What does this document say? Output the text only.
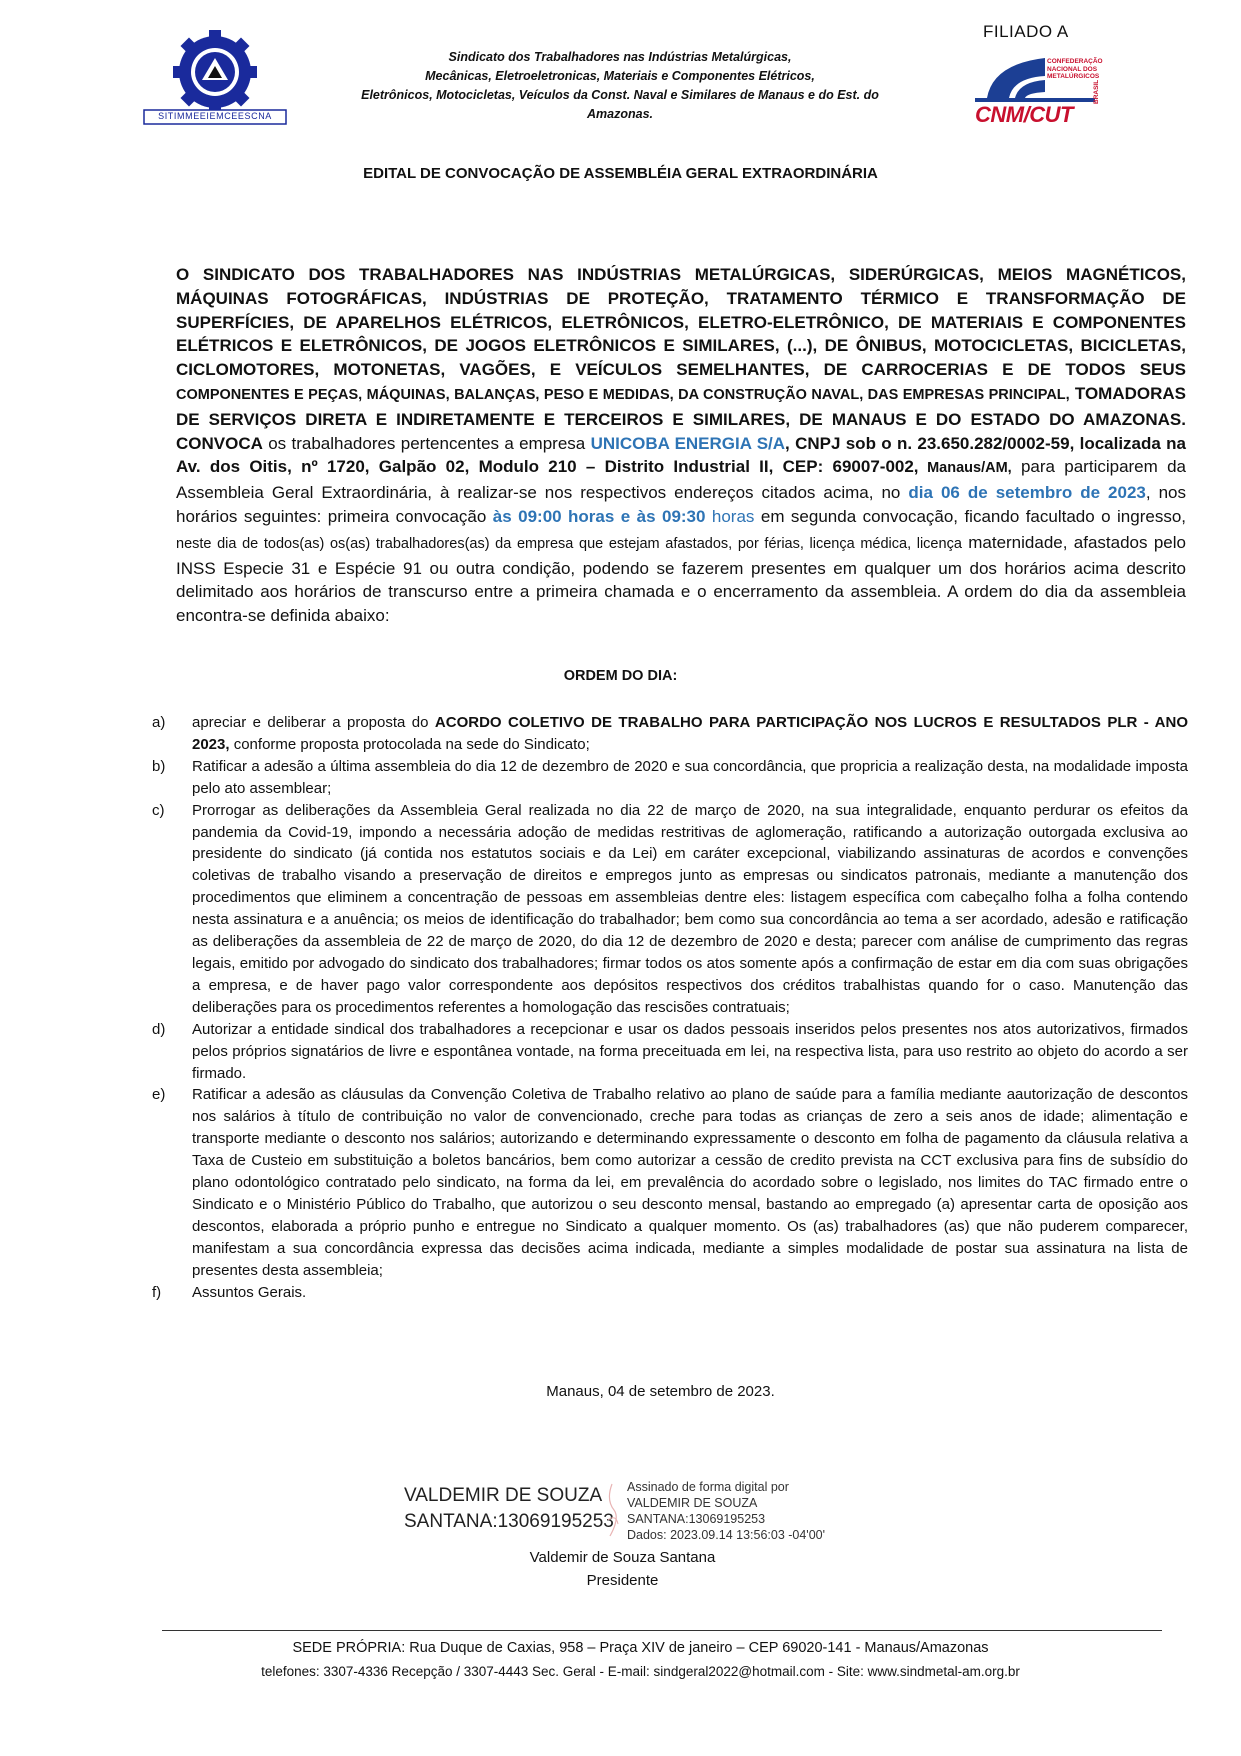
SITIMMEEIEMCEESCNA
Sindicato dos Trabalhadores nas Indústrias Metalúrgicas,
Mecânicas, Eletroeletronicas, Materiais e Componentes Elétricos,
Eletrônicos, Motocicletas, Veículos da Const. Naval e Similares de Manaus e do Est. do Amazonas.
FILIADO A
CONFEDERAÇÃO
NACIONAL DOS
METALÚRGICOS
CNM/CUT
BRASIL
EDITAL DE CONVOCAÇÃO DE ASSEMBLÉIA GERAL EXTRAORDINÁRIA
O SINDICATO DOS TRABALHADORES NAS INDÚSTRIAS METALÚRGICAS, SIDERÚRGICAS, MEIOS MAGNÉTICOS, MÁQUINAS FOTOGRÁFICAS, INDÚSTRIAS DE PROTEÇÃO, TRATAMENTO TÉRMICO E TRANSFORMAÇÃO DE SUPERFÍCIES, DE APARELHOS ELÉTRICOS, ELETRÔNICOS, ELETRO-ELETRÔNICO, DE MATERIAIS E COMPONENTES ELÉTRICOS E ELETRÔNICOS, DE JOGOS ELETRÔNICOS E SIMILARES, (...), DE ÔNIBUS, MOTOCICLETAS, BICICLETAS, CICLOMOTORES, MOTONETAS, VAGÕES, E VEÍCULOS SEMELHANTES, DE CARROCERIAS E DE TODOS SEUS COMPONENTES E PEÇAS, MÁQUINAS, BALANÇAS, PESO E MEDIDAS, DA CONSTRUÇÃO NAVAL, DAS EMPRESAS PRINCIPAL, TOMADORAS DE SERVIÇOS DIRETA E INDIRETAMENTE E TERCEIROS E SIMILARES, DE MANAUS E DO ESTADO DO AMAZONAS. CONVOCA os trabalhadores pertencentes a empresa UNICOBA ENERGIA S/A, CNPJ sob o n. 23.650.282/0002-59, localizada na Av. dos Oitis, nº 1720, Galpão 02, Modulo 210 – Distrito Industrial II, CEP: 69007-002, Manaus/AM, para participarem da Assembleia Geral Extraordinária, à realizar-se nos respectivos endereços citados acima, no dia 06 de setembro de 2023, nos horários seguintes: primeira convocação às 09:00 horas e às 09:30 horas em segunda convocação, ficando facultado o ingresso, neste dia de todos(as) os(as) trabalhadores(as) da empresa que estejam afastados, por férias, licença médica, licença maternidade, afastados pelo INSS Especie 31 e Espécie 91 ou outra condição, podendo se fazerem presentes em qualquer um dos horários acima descrito delimitado aos horários de transcurso entre a primeira chamada e o encerramento da assembleia. A ordem do dia da assembleia encontra-se definida abaixo:
ORDEM DO DIA:
a) apreciar e deliberar a proposta do ACORDO COLETIVO DE TRABALHO PARA PARTICIPAÇÃO NOS LUCROS E RESULTADOS PLR - ANO 2023, conforme proposta protocolada na sede do Sindicato;
b) Ratificar a adesão a última assembleia do dia 12 de dezembro de 2020 e sua concordância, que propricia a realização desta, na modalidade imposta pelo ato assemblear;
c) Prorrogar as deliberações da Assembleia Geral realizada no dia 22 de março de 2020, na sua integralidade, enquanto perdurar os efeitos da pandemia da Covid-19, impondo a necessária adoção de medidas restritivas de aglomeração, ratificando a autorização outorgada exclusiva ao presidente do sindicato (já contida nos estatutos sociais e da Lei) em caráter excepcional, viabilizando assinaturas de acordos e convenções coletivas de trabalho visando a preservação de direitos e empregos junto as empresas ou sindicatos patronais, mediante a manutenção dos procedimentos que eliminem a concentração de pessoas em assembleias dentre eles: listagem específica com cabeçalho folha a folha contendo nesta assinatura e a anuência; os meios de identificação do trabalhador; bem como sua concordância ao tema a ser acordado, adesão e ratificação as deliberações da assembleia de 22 de março de 2020, do dia 12 de dezembro de 2020 e desta; parecer com análise de cumprimento das regras legais, emitido por advogado do sindicato dos trabalhadores; firmar todos os atos somente após a confirmação de estar em dia com suas obrigações a empresa, e de haver pago valor correspondente aos depósitos respectivos dos créditos trabalhistas quando for o caso. Manutenção das deliberações para os procedimentos referentes a homologação das rescisões contratuais;
d) Autorizar a entidade sindical dos trabalhadores a recepcionar e usar os dados pessoais inseridos pelos presentes nos atos autorizativos, firmados pelos próprios signatários de livre e espontânea vontade, na forma preceituada em lei, na respectiva lista, para uso restrito ao objeto do acordo a ser firmado.
e) Ratificar a adesão as cláusulas da Convenção Coletiva de Trabalho relativo ao plano de saúde para a família mediante aautorização de descontos nos salários à título de contribuição no valor de convencionado, creche para todas as crianças de zero a seis anos de idade; alimentação e transporte mediante o desconto nos salários; autorizando e determinando expressamente o desconto em folha de pagamento da cláusula relativa a Taxa de Custeio em substituição a boletos bancários, bem como autorizar a cessão de credito prevista na CCT exclusiva para fins de subsídio do plano odontológico contratado pelo sindicato, na forma da lei, em prevalência do acordado sobre o legislado, nos limites do TAC firmado entre o Sindicato e o Ministério Público do Trabalho, que autorizou o seu desconto mensal, bastando ao empregado (a) apresentar carta de oposição aos descontos, elaborada a próprio punho e entregue no Sindicato a qualquer momento. Os (as) trabalhadores (as) que não puderem comparecer, manifestam a sua concordância expressa das decisões acima indicada, mediante a simples modalidade de postar sua assinatura na lista de presentes desta assembleia;
f) Assuntos Gerais.
Manaus, 04 de setembro de 2023.
VALDEMIR DE SOUZA
SANTANA:13069195253
Assinado de forma digital por
VALDEMIR DE SOUZA
SANTANA:13069195253
Dados: 2023.09.14 13:56:03 -04'00'
Valdemir de Souza Santana
Presidente
SEDE PRÓPRIA: Rua Duque de Caxias, 958 – Praça XIV de janeiro – CEP 69020-141 - Manaus/Amazonas
telefones: 3307-4336 Recepção / 3307-4443 Sec. Geral - E-mail: sindgeral2022@hotmail.com - Site: www.sindmetal-am.org.br
